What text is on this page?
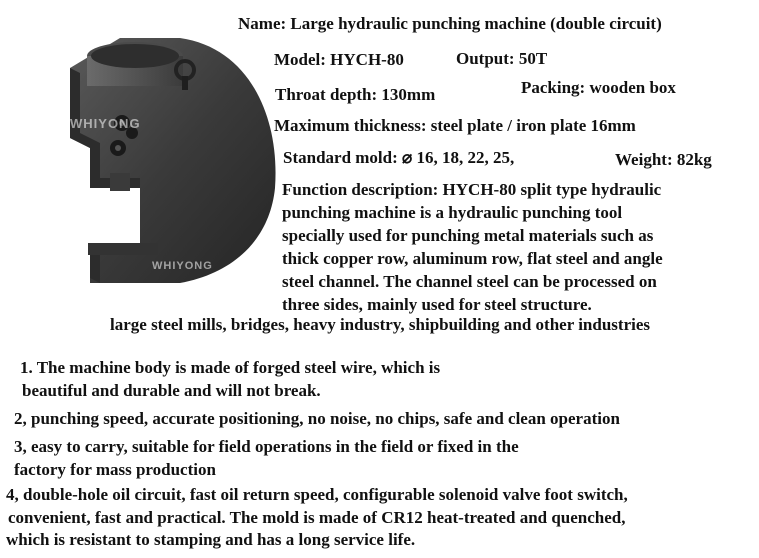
WHIYONG
WHIYONG
Name: Large hydraulic punching machine (double circuit)
Model: HYCH-80	Output: 50T
Throat depth: 130mm	Packing: wooden box
Maximum thickness: steel plate / iron plate 16mm
Standard mold: ⌀ 16, 18, 22, 25,	Weight: 82kg
Function description: HYCH-80 split type hydraulic
punching machine is a hydraulic punching tool
specially used for punching metal materials such as
thick copper row, aluminum row, flat steel and angle
steel channel. The channel steel can be processed on
three sides, mainly used for steel structure.
large steel mills, bridges, heavy industry, shipbuilding and other industries
1. The machine body is made of forged steel wire, which is
beautiful and durable and will not break.
2, punching speed, accurate positioning, no noise, no chips, safe and clean operation
3, easy to carry, suitable for field operations in the field or fixed in the
factory for mass production
4, double-hole oil circuit, fast oil return speed, configurable solenoid valve foot switch,
convenient, fast and practical. The mold is made of CR12 heat-treated and quenched,
which is resistant to stamping and has a long service life.
